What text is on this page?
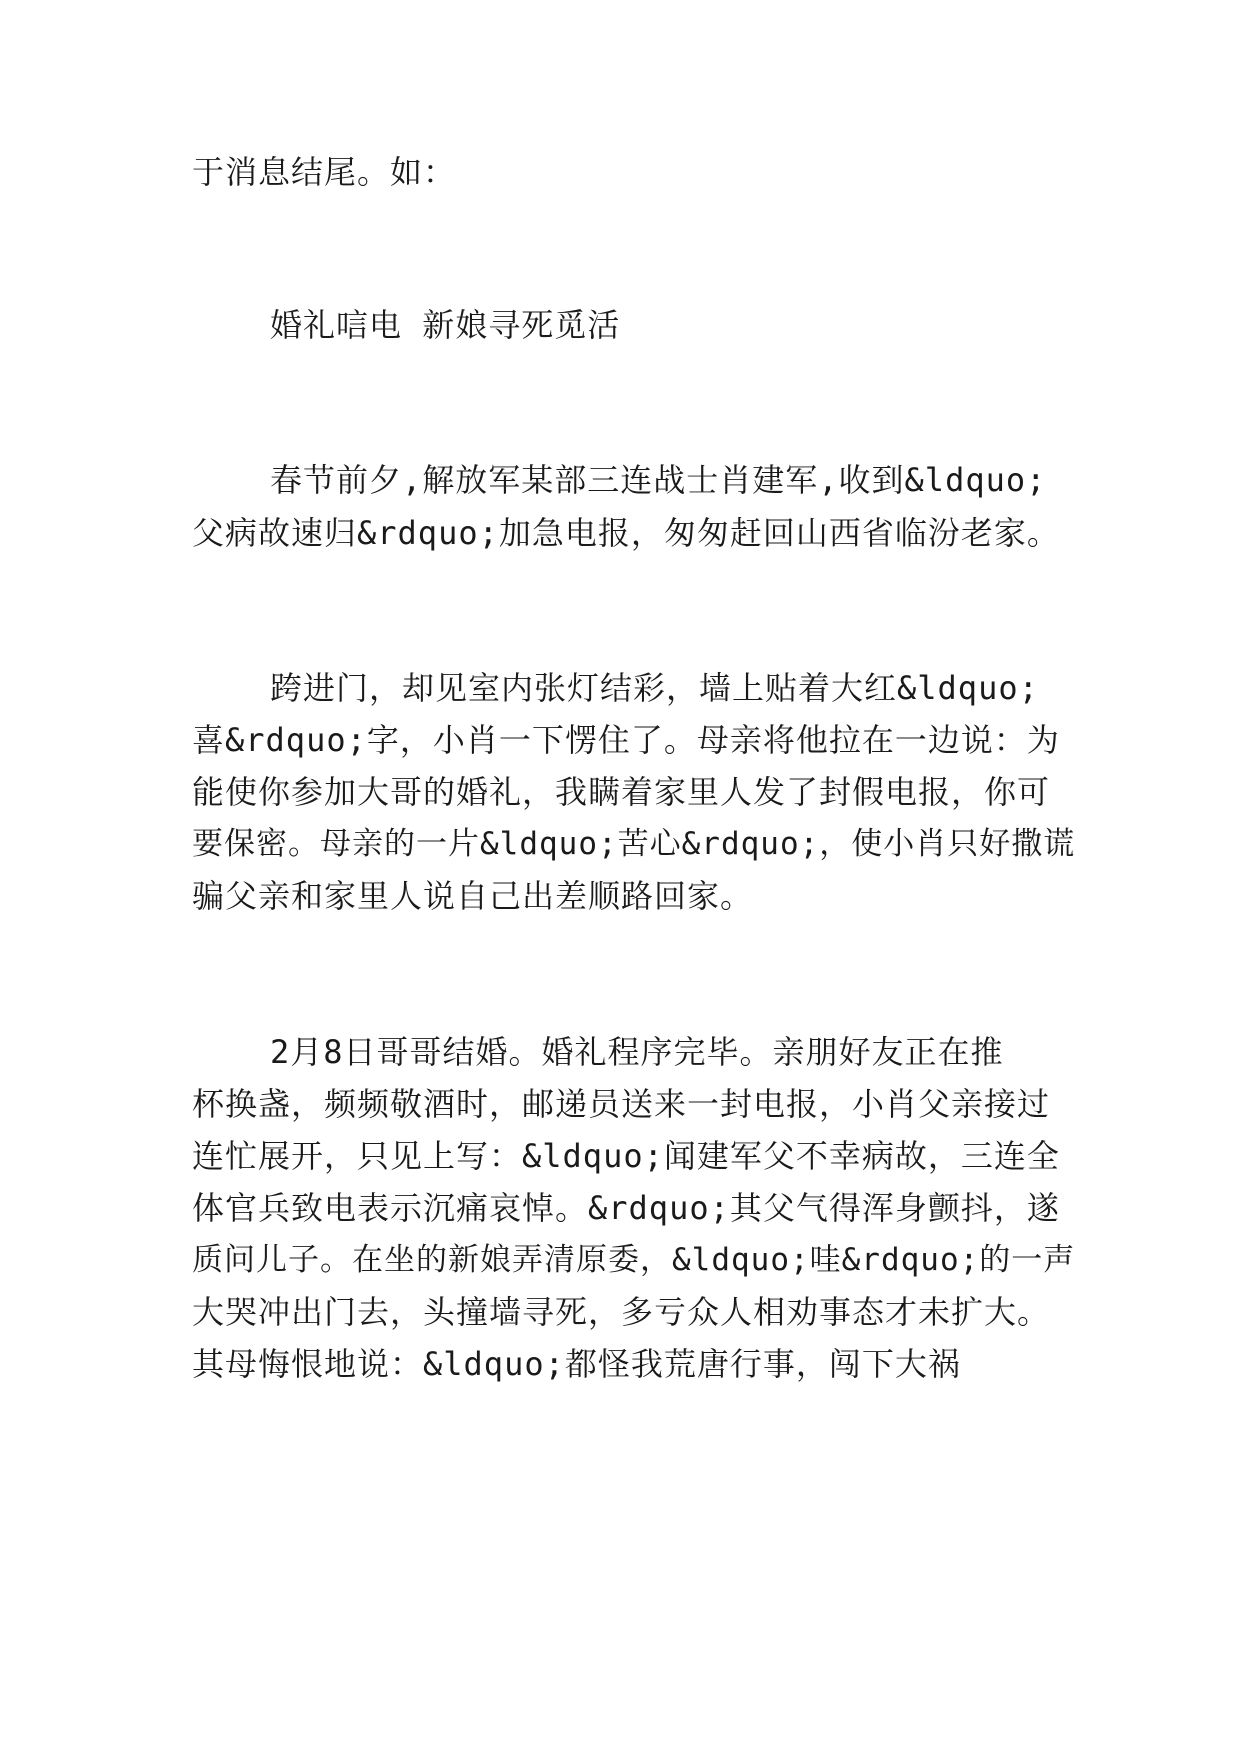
于消息结尾。如：
婚礼唁电 新娘寻死觅活
春节前夕,解放军某部三连战士肖建军,收到&ldquo;
父病故速归&rdquo;加急电报，匆匆赶回山西省临汾老家。
跨进门，却见室内张灯结彩，墙上贴着大红&ldquo;
喜&rdquo;字，小肖一下愣住了。母亲将他拉在一边说：为
能使你参加大哥的婚礼，我瞒着家里人发了封假电报，你可
要保密。母亲的一片&ldquo;苦心&rdquo;，使小肖只好撒谎
骗父亲和家里人说自己出差顺路回家。
2月8日哥哥结婚。婚礼程序完毕。亲朋好友正在推
杯换盏，频频敬酒时，邮递员送来一封电报，小肖父亲接过
连忙展开，只见上写：&ldquo;闻建军父不幸病故，三连全
体官兵致电表示沉痛哀悼。&rdquo;其父气得浑身颤抖，遂
质问儿子。在坐的新娘弄清原委，&ldquo;哇&rdquo;的一声
大哭冲出门去，头撞墙寻死，多亏众人相劝事态才未扩大。
其母悔恨地说：&ldquo;都怪我荒唐行事，闯下大祸
